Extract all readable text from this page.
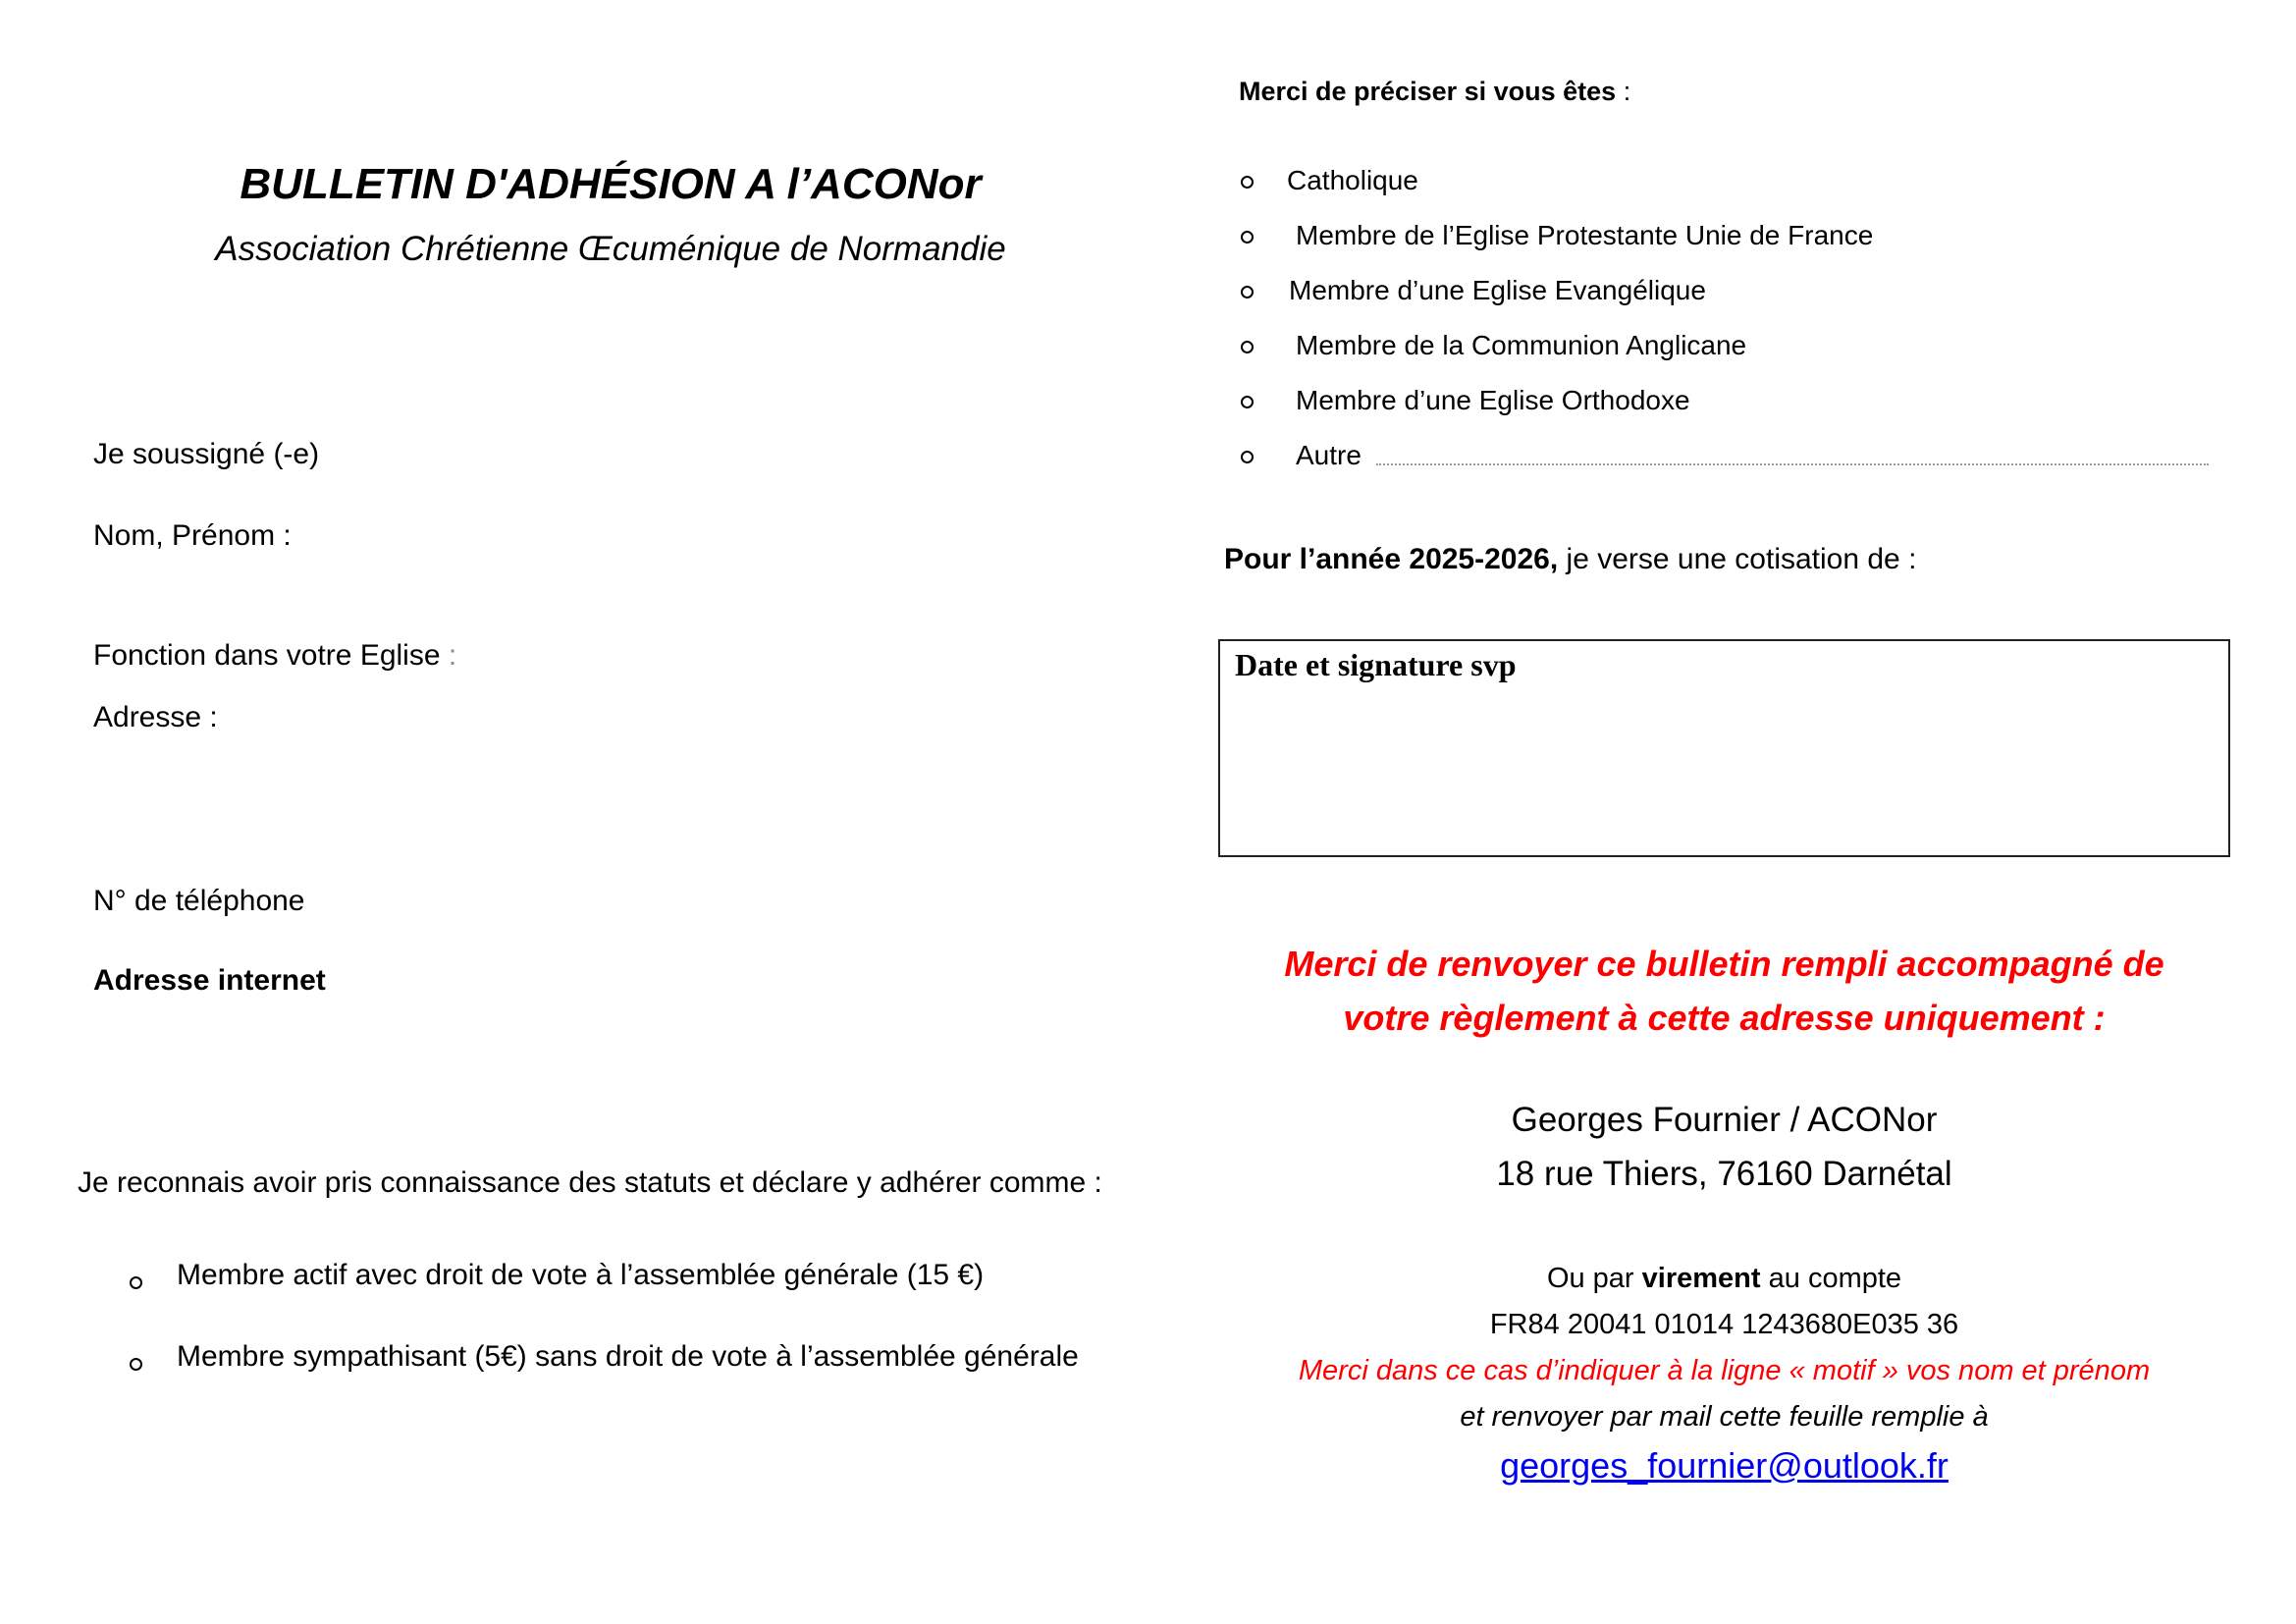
BULLETIN D'ADHÉSION A l’ACONor
Association Chrétienne Œcuménique de Normandie
Je soussigné (-e)
Nom, Prénom :
Fonction dans votre Eglise :
Adresse :
N° de téléphone
Adresse internet
Je reconnais avoir pris connaissance des statuts et déclare y adhérer comme :
Membre actif avec droit de vote à l’assemblée générale (15 €)
Membre sympathisant (5€) sans droit de vote à l’assemblée générale
Merci de préciser si vous êtes :
Catholique
Membre de l’Eglise Protestante Unie de France
Membre d’une Eglise Evangélique
Membre de la Communion Anglicane
Membre d’une Eglise Orthodoxe
Autre
Pour l’année 2025-2026, je verse une cotisation de :
Date et signature svp
Merci de renvoyer ce bulletin rempli accompagné de
votre règlement à cette adresse uniquement :
Georges Fournier / ACONor
18 rue Thiers, 76160 Darnétal
Ou par virement au compte
FR84 20041 01014 1243680E035 36
Merci dans ce cas d’indiquer à la ligne « motif » vos nom et prénom
et renvoyer par mail cette feuille remplie à
georges_fournier@outlook.fr
